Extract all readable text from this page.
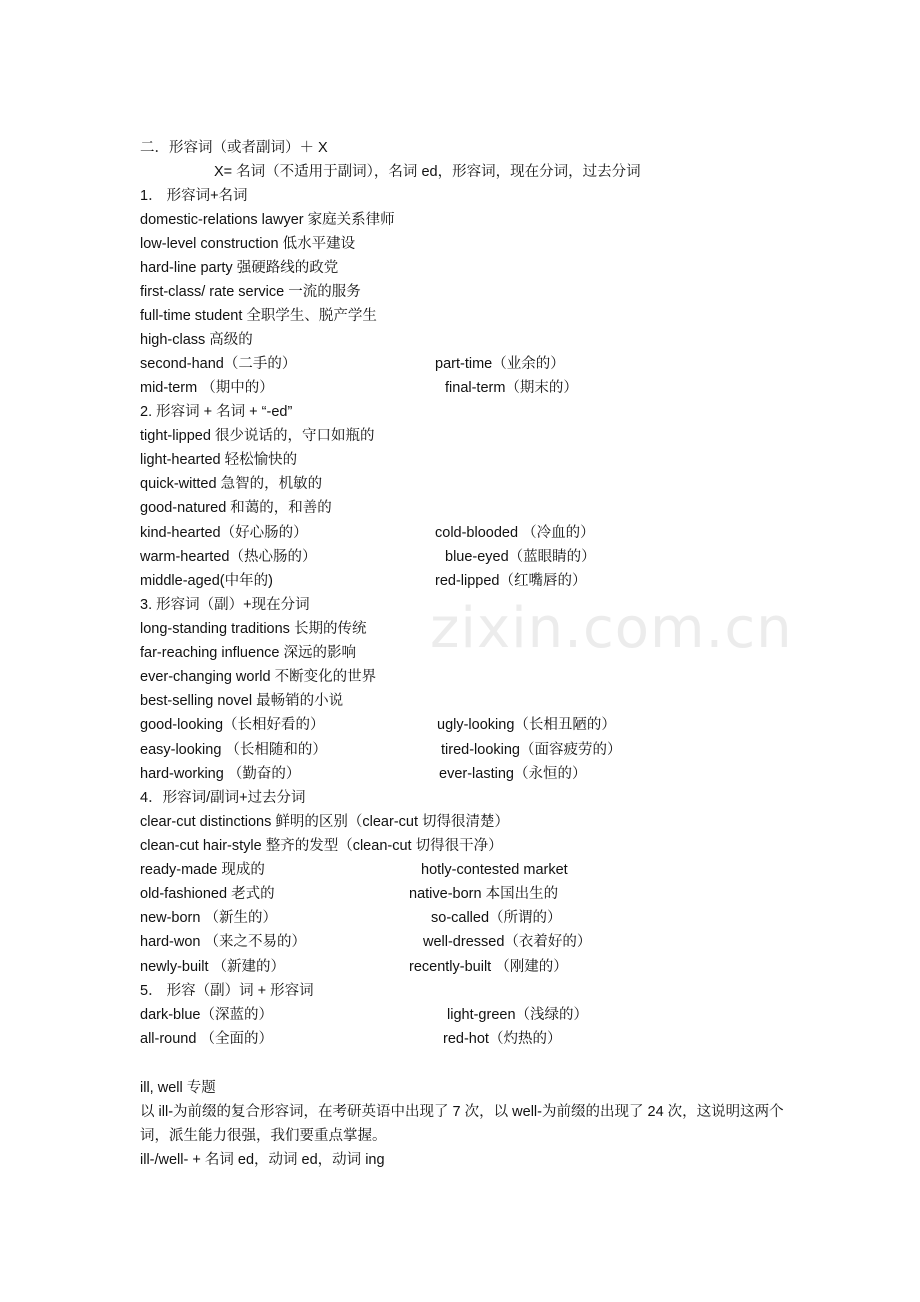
zixin.com.cn
二．形容词（或者副词）＋ X
X= 名词（不适用于副词），名词 ed，形容词，现在分词，过去分词
1． 形容词+名词
domestic-relations lawyer 家庭关系律师
low-level construction 低水平建设
hard-line party 强硬路线的政党
first-class/ rate service 一流的服务
full-time student 全职学生、脱产学生
high-class 高级的
second-hand（二手的）	part-time（业余的）
mid-term （期中的）	final-term（期末的）
2. 形容词 + 名词 + “-ed”
tight-lipped 很少说话的，守口如瓶的
light-hearted 轻松愉快的
quick-witted 急智的，机敏的
good-natured 和蔼的，和善的
kind-hearted（好心肠的）	cold-blooded （冷血的）
warm-hearted（热心肠的）	blue-eyed（蓝眼睛的）
middle-aged(中年的)	red-lipped（红嘴唇的）
3. 形容词（副）+现在分词
long-standing traditions 长期的传统
far-reaching influence 深远的影响
ever-changing world 不断变化的世界
best-selling novel 最畅销的小说
good-looking（长相好看的）	ugly-looking（长相丑陋的）
easy-looking （长相随和的）	tired-looking（面容疲劳的）
hard-working （勤奋的）	ever-lasting（永恒的）
4．形容词/副词+过去分词
clear-cut distinctions 鲜明的区别（clear-cut 切得很清楚）
clean-cut hair-style 整齐的发型（clean-cut 切得很干净）
ready-made 现成的	hotly-contested market
old-fashioned 老式的	native-born 本国出生的
new-born （新生的）	so-called（所谓的）
hard-won （来之不易的）	well-dressed（衣着好的）
newly-built （新建的）	recently-built （刚建的）
5． 形容（副）词 + 形容词
dark-blue（深蓝的）	light-green（浅绿的）
all-round （全面的）	red-hot（灼热的）
ill, well 专题
以 ill-为前缀的复合形容词，在考研英语中出现了 7 次，以 well-为前缀的出现了 24 次，这说明这两个词，派生能力很强，我们要重点掌握。
ill-/well- + 名词 ed，动词 ed，动词 ing
